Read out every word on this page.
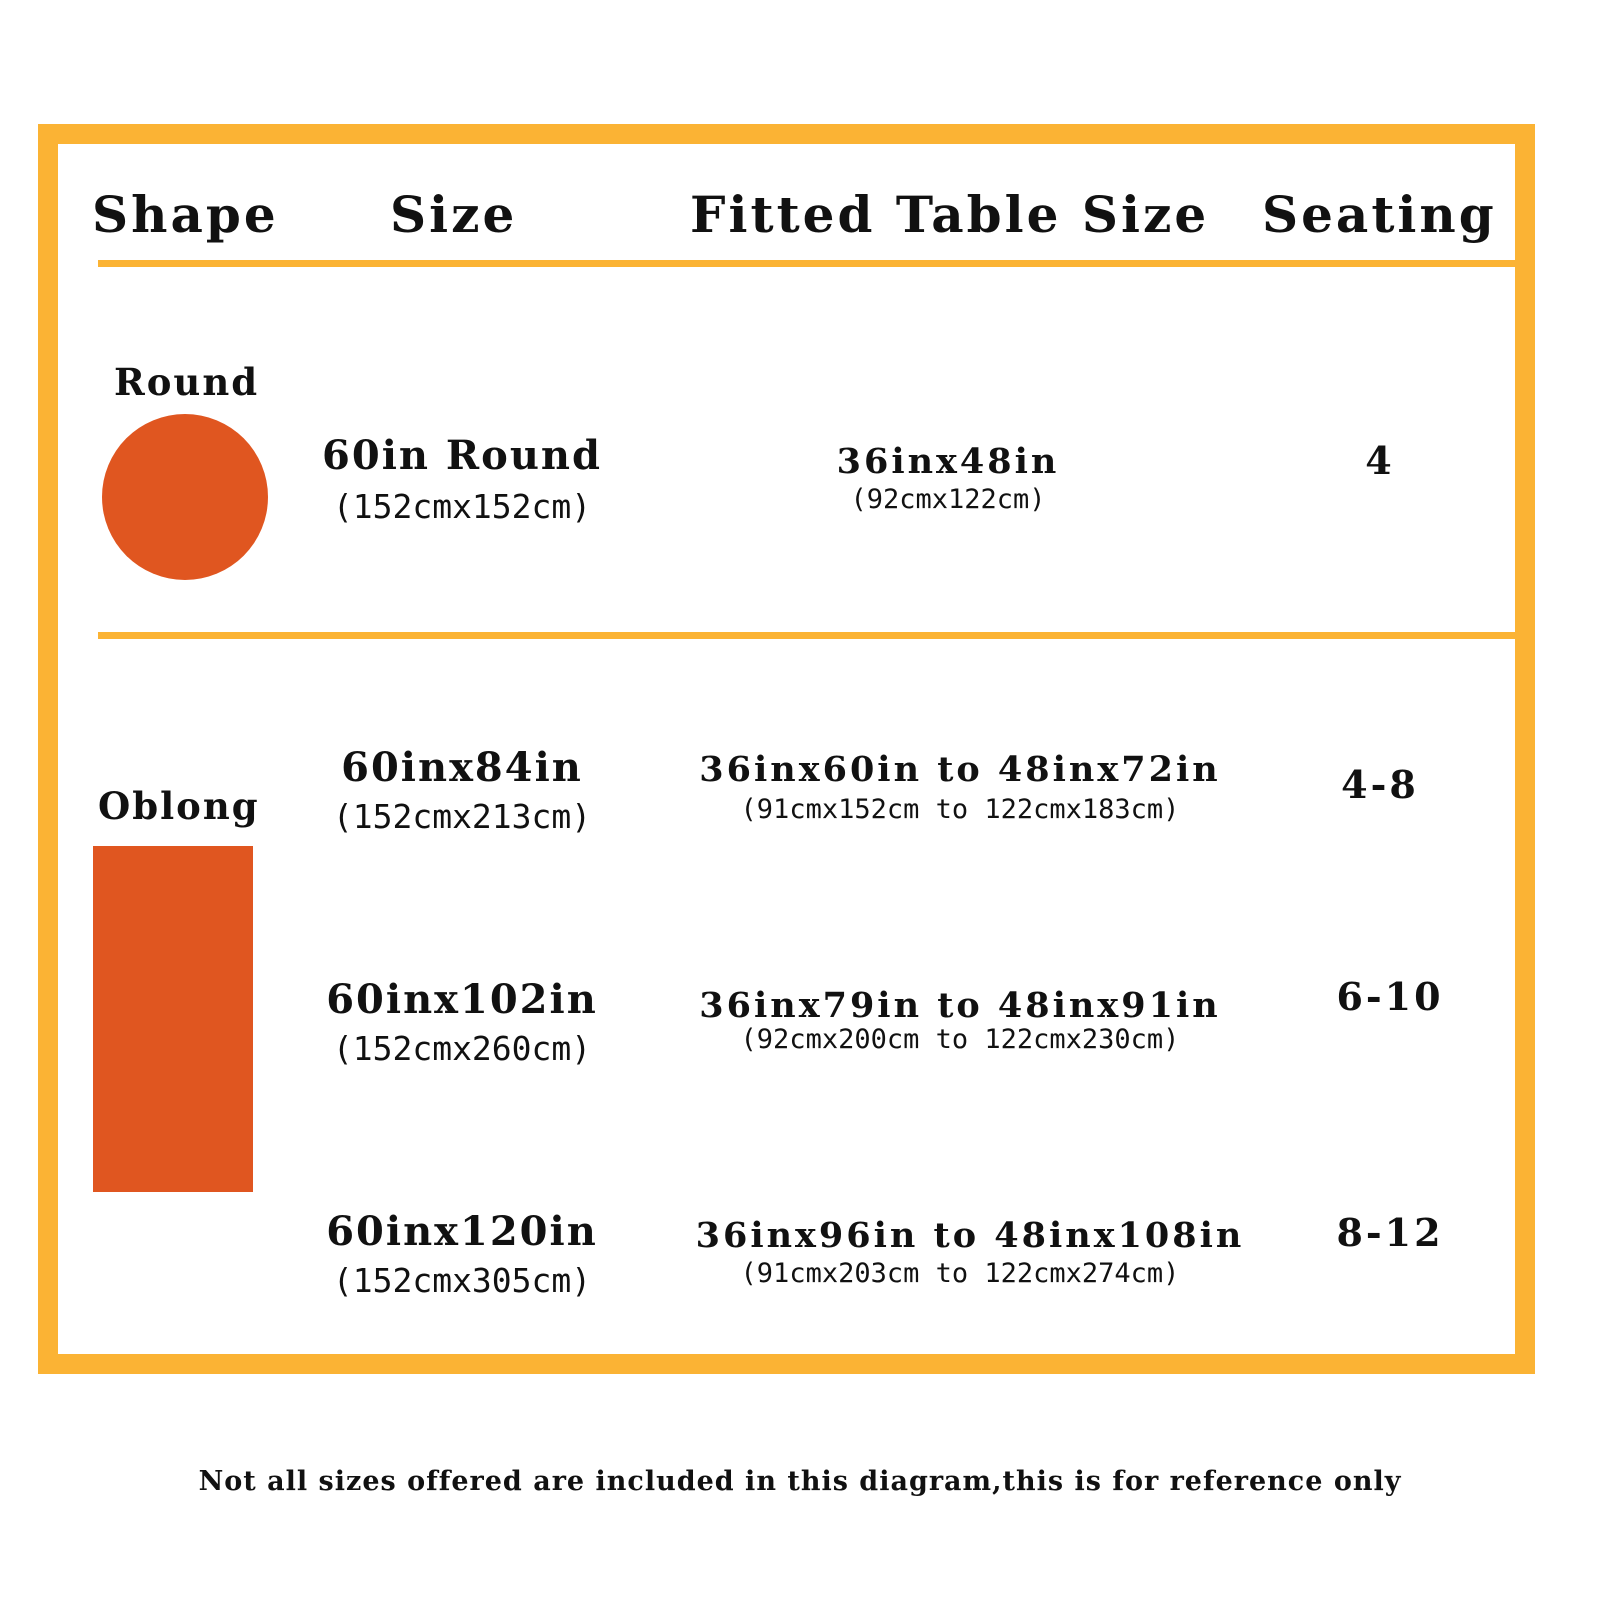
Shape Size	Fitted Table Size Seating
Round
60in Round
(152cmx152cm)
36inx48in
(92cmx122cm)
4
Oblong
60inx84in
(152cmx213cm)
36inx60in to 48inx72in
(91cmx152cm to 122cmx183cm)
4-8
60inx102in
(152cmx260cm)
36inx79in to 48inx91in
(92cmx200cm to 122cmx230cm)
6-10
60inx120in
(152cmx305cm)
36inx96in to 48inx108in
(91cmx203cm to 122cmx274cm)
8-12
Not all sizes offered are included in this diagram,this is for reference only
